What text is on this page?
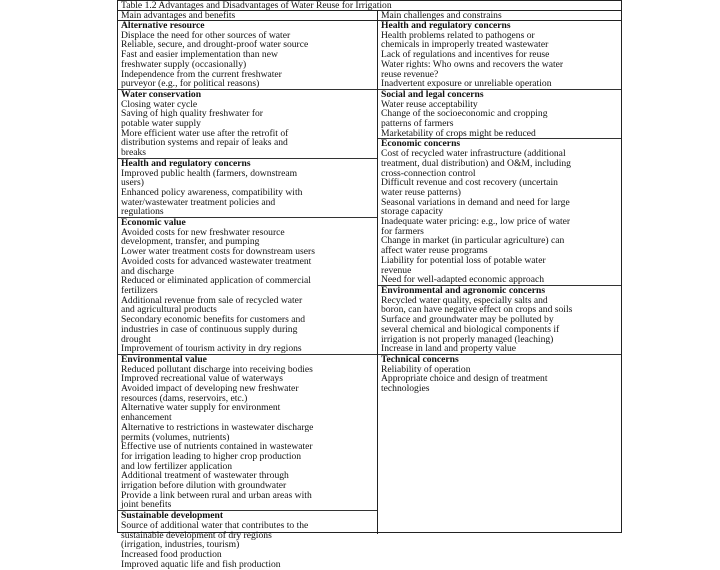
Table 1.2 Advantages and Disadvantages of Water Reuse for Irrigation
Main advantages and benefits
Alternative resource
Displace the need for other sources of water
Reliable, secure, and drought-proof water source
Fast and easier implementation than new
freshwater supply (occasionally)
Independence from the current freshwater
purveyor (e.g., for political reasons)
Water conservation
Closing water cycle
Saving of high quality freshwater for
potable water supply
More efficient water use after the retrofit of
distribution systems and repair of leaks and
breaks
Health and regulatory concerns
Improved public health (farmers, downstream
users)
Enhanced policy awareness, compatibility with
water/wastewater treatment policies and
regulations
Economic value
Avoided costs for new freshwater resource
development, transfer, and pumping
Lower water treatment costs for downstream users
Avoided costs for advanced wastewater treatment
and discharge
Reduced or eliminated application of commercial
fertilizers
Additional revenue from sale of recycled water
and agricultural products
Secondary economic benefits for customers and
industries in case of continuous supply during
drought
Improvement of tourism activity in dry regions
Environmental value
Reduced pollutant discharge into receiving bodies
Improved recreational value of waterways
Avoided impact of developing new freshwater
resources (dams, reservoirs, etc.)
Alternative water supply for environment
enhancement
Alternative to restrictions in wastewater discharge
permits (volumes, nutrients)
Effective use of nutrients contained in wastewater
for irrigation leading to higher crop production
and low fertilizer application
Additional treatment of wastewater through
irrigation before dilution with groundwater
Provide a link between rural and urban areas with
joint benefits
Sustainable development
Source of additional water that contributes to the
sustainable development of dry regions
(irrigation, industries, tourism)
Increased food production
Improved aquatic life and fish production
Main challenges and constrains
Health and regulatory concerns
Health problems related to pathogens or
chemicals in improperly treated wastewater
Lack of regulations and incentives for reuse
Water rights: Who owns and recovers the water
reuse revenue?
Inadvertent exposure or unreliable operation
Social and legal concerns
Water reuse acceptability
Change of the socioeconomic and cropping
patterns of farmers
Marketability of crops might be reduced
Economic concerns
Cost of recycled water infrastructure (additional
treatment, dual distribution) and O&M, including
cross-connection control
Difficult revenue and cost recovery (uncertain
water reuse patterns)
Seasonal variations in demand and need for large
storage capacity
Inadequate water pricing: e.g., low price of water
for farmers
Change in market (in particular agriculture) can
affect water reuse programs
Liability for potential loss of potable water
revenue
Need for well-adapted economic approach
Environmental and agronomic concerns
Recycled water quality, especially salts and
boron, can have negative effect on crops and soils
Surface and groundwater may be polluted by
several chemical and biological components if
irrigation is not properly managed (leaching)
Increase in land and property value
Technical concerns
Reliability of operation
Appropriate choice and design of treatment
technologies
